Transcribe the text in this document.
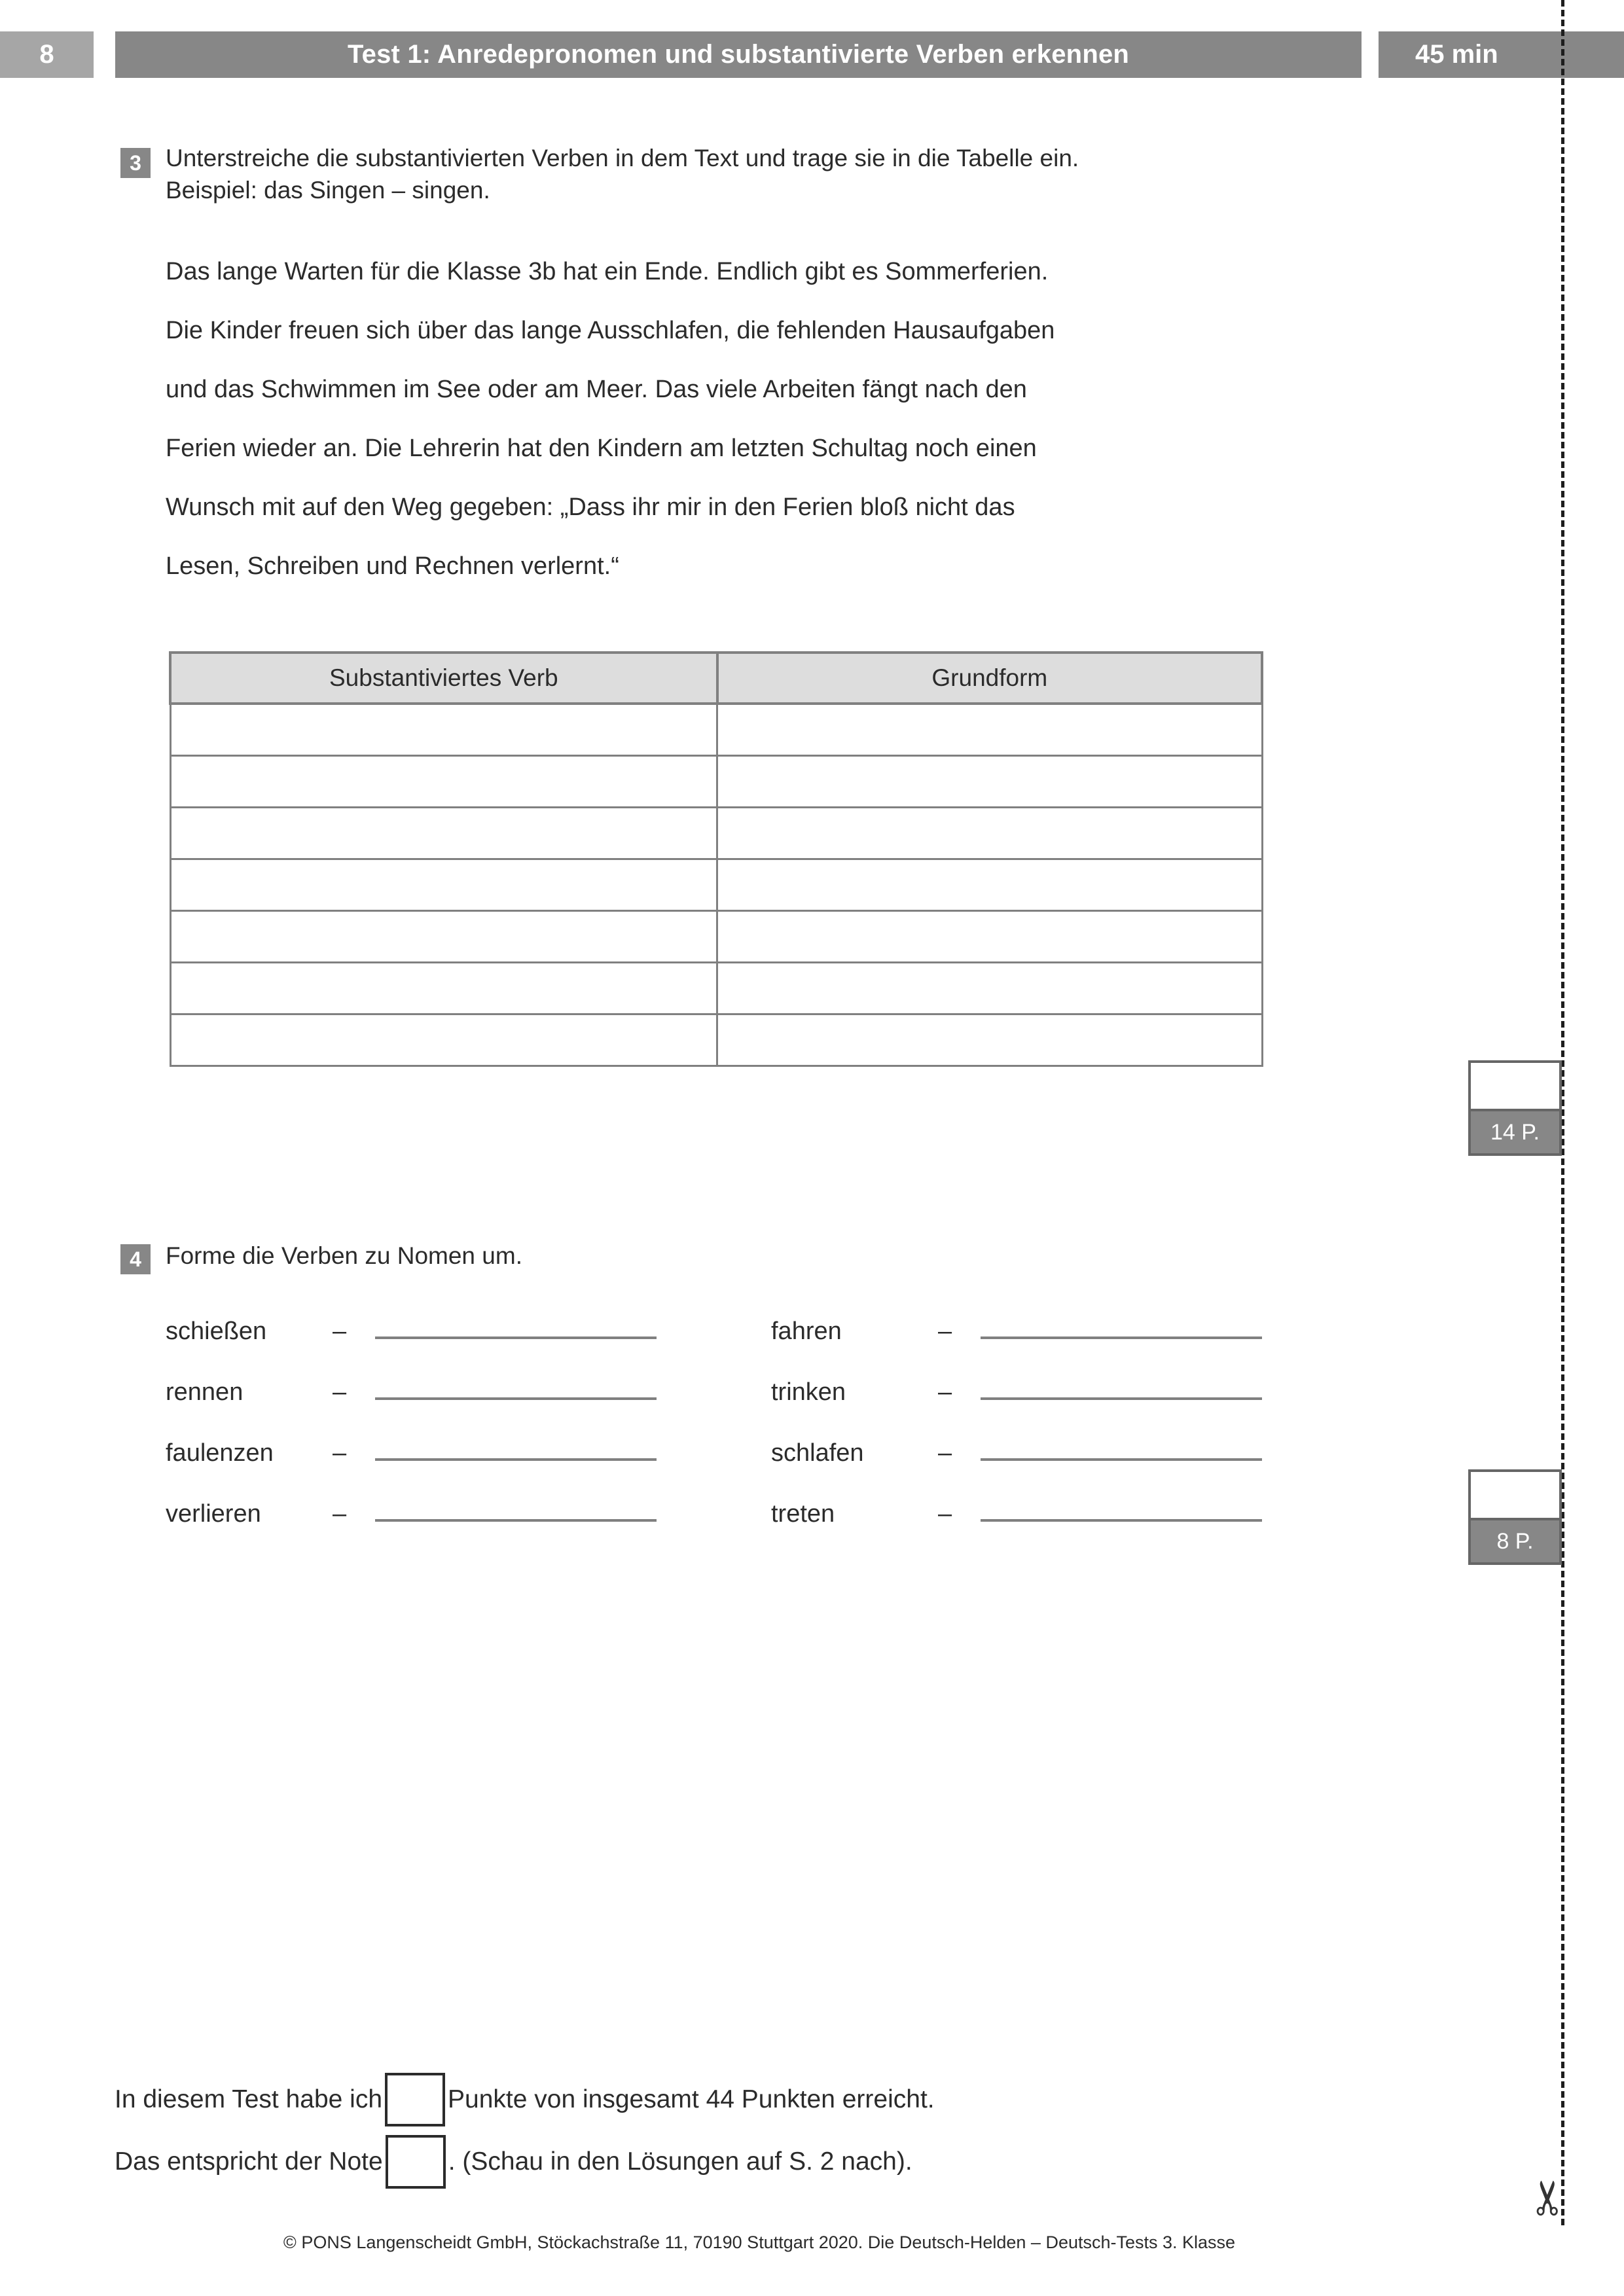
8	Test 1: Anredepronomen und substantivierte Verben erkennen	45 min
✂
3 Unterstreiche die substantivierten Verben in dem Text und trage sie in die Tabelle ein. Beispiel: das Singen – singen.
Das lange Warten für die Klasse 3b hat ein Ende. Endlich gibt es Sommerferien.
Die Kinder freuen sich über das lange Ausschlafen, die fehlenden Hausaufgaben
und das Schwimmen im See oder am Meer. Das viele Arbeiten fängt nach den
Ferien wieder an. Die Lehrerin hat den Kindern am letzten Schultag noch einen
Wunsch mit auf den Weg gegeben: „Dass ihr mir in den Ferien bloß nicht das
Lesen, Schreiben und Rechnen verlernt.“
Substantiviertes Verb	Grundform

14 P.
4 Forme die Verben zu Nomen um.
schießen	–	fahren	–
rennen	–	trinken	–
faulenzen	–	schlafen	–
verlieren	–	treten	–
8 P.
In diesem Test habe ich	Punkte von insgesamt 44 Punkten erreicht.
Das entspricht der Note	. (Schau in den Lösungen auf S. 2 nach).
© PONS Langenscheidt GmbH, Stöckachstraße 11, 70190 Stuttgart 2020. Die Deutsch-Helden – Deutsch-Tests 3. Klasse
